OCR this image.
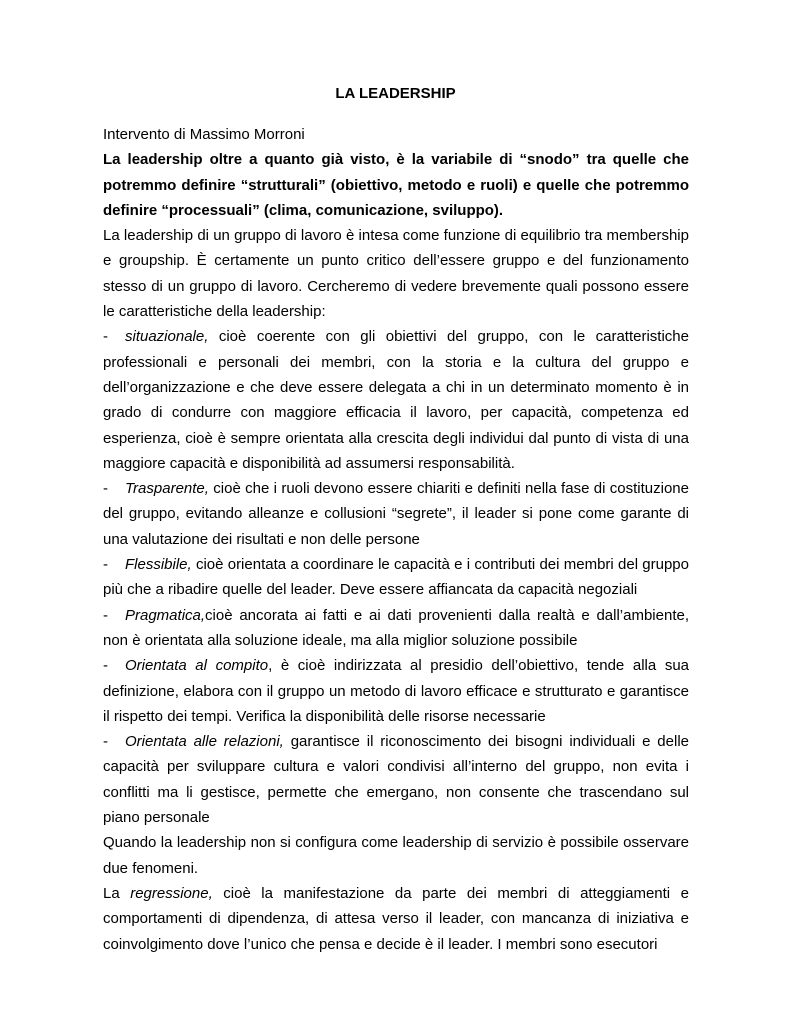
LA LEADERSHIP

Intervento di Massimo Morroni

La leadership oltre a quanto già visto, è la variabile di “snodo” tra quelle che potremmo definire “strutturali” (obiettivo, metodo e ruoli) e quelle che potremmo definire “processuali” (clima, comunicazione, sviluppo).

La leadership di un gruppo di lavoro è intesa come funzione di equilibrio tra membership e groupship. È certamente un punto critico dell’essere gruppo e del funzionamento stesso di un gruppo di lavoro. Cercheremo di vedere brevemente quali possono essere le caratteristiche della leadership:

- situazionale, cioè coerente con gli obiettivi del gruppo, con le caratteristiche professionali e personali dei membri, con la storia e la cultura del gruppo e dell’organizzazione e che deve essere delegata a chi in un determinato momento è in grado di condurre con maggiore efficacia il lavoro, per capacità, competenza ed esperienza, cioè è sempre orientata alla crescita degli individui dal punto di vista di una maggiore capacità e disponibilità ad assumersi responsabilità.

- Trasparente, cioè che i ruoli devono essere chiariti e definiti nella fase di costituzione del gruppo, evitando alleanze e collusioni “segrete”, il leader si pone come garante di una valutazione dei risultati e non delle persone

- Flessibile, cioè orientata a coordinare le capacità e i contributi dei membri del gruppo più che a ribadire quelle del leader. Deve essere affiancata da capacità negoziali

- Pragmatica,cioè ancorata ai fatti e ai dati provenienti dalla realtà e dall’ambiente, non è orientata alla soluzione ideale, ma alla miglior soluzione possibile

- Orientata al compito, è cioè indirizzata al presidio dell’obiettivo, tende alla sua definizione, elabora con il gruppo un metodo di lavoro efficace e strutturato e garantisce il rispetto dei tempi. Verifica la disponibilità delle risorse necessarie

- Orientata alle relazioni, garantisce il riconoscimento dei bisogni individuali e delle capacità per sviluppare cultura e valori condivisi all’interno del gruppo, non evita i conflitti ma li gestisce, permette che emergano, non consente che trascendano sul piano personale

Quando la leadership non si configura come leadership di servizio è possibile osservare due fenomeni.

La regressione, cioè la manifestazione da parte dei membri di atteggiamenti e comportamenti di dipendenza, di attesa verso il leader, con mancanza di iniziativa e coinvolgimento dove l’unico che pensa e decide è il leader. I membri sono esecutori
